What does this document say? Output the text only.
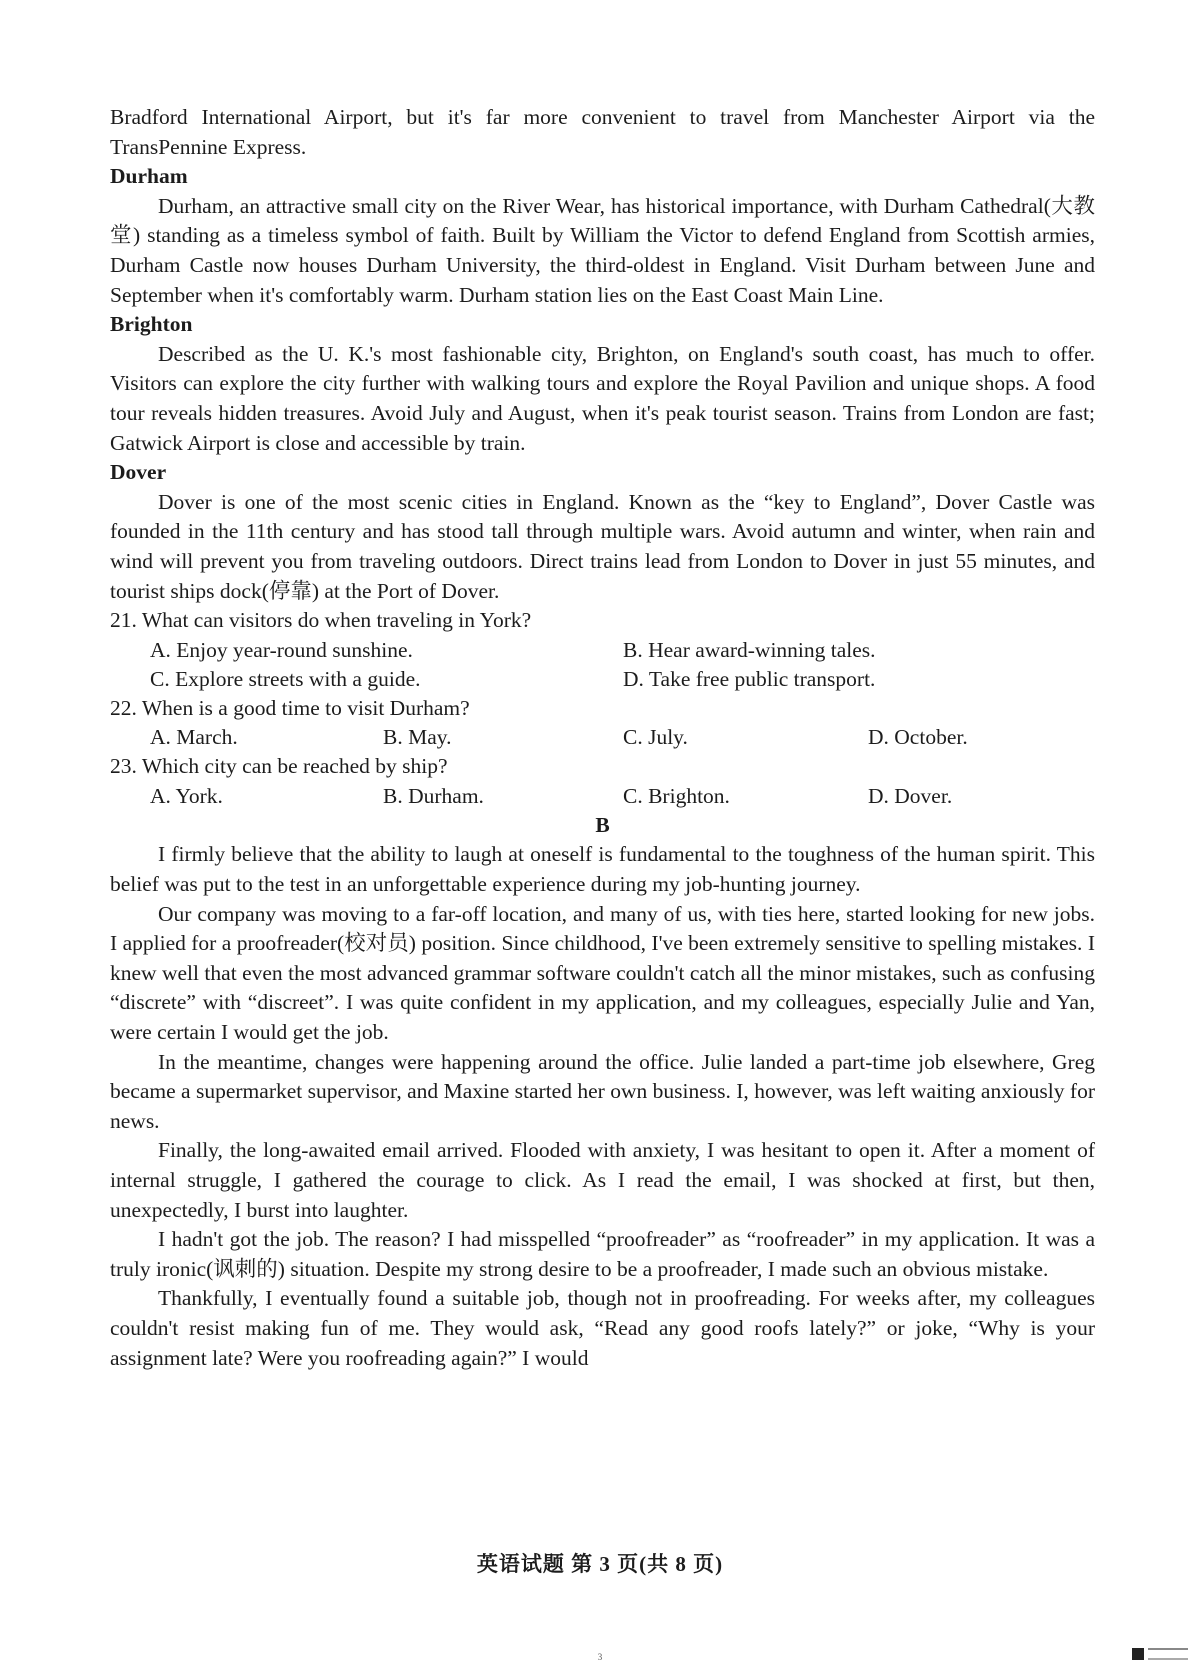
Bradford International Airport, but it's far more convenient to travel from Manchester Airport via the TransPennine Express.
Durham
Durham, an attractive small city on the River Wear, has historical importance, with Durham Cathedral(大教堂) standing as a timeless symbol of faith. Built by William the Victor to defend England from Scottish armies, Durham Castle now houses Durham University, the third-oldest in England. Visit Durham between June and September when it's comfortably warm. Durham station lies on the East Coast Main Line.
Brighton
Described as the U. K.'s most fashionable city, Brighton, on England's south coast, has much to offer. Visitors can explore the city further with walking tours and explore the Royal Pavilion and unique shops. A food tour reveals hidden treasures. Avoid July and August, when it's peak tourist season. Trains from London are fast; Gatwick Airport is close and accessible by train.
Dover
Dover is one of the most scenic cities in England. Known as the “key to England”, Dover Castle was founded in the 11th century and has stood tall through multiple wars. Avoid autumn and winter, when rain and wind will prevent you from traveling outdoors. Direct trains lead from London to Dover in just 55 minutes, and tourist ships dock(停靠) at the Port of Dover.
21. What can visitors do when traveling in York?
A. Enjoy year-round sunshine.	B. Hear award-winning tales.
C. Explore streets with a guide.	D. Take free public transport.
22. When is a good time to visit Durham?
A. March.	B. May.	C. July.	D. October.
23. Which city can be reached by ship?
A. York.	B. Durham.	C. Brighton.	D. Dover.
B
I firmly believe that the ability to laugh at oneself is fundamental to the toughness of the human spirit. This belief was put to the test in an unforgettable experience during my job-hunting journey.
Our company was moving to a far-off location, and many of us, with ties here, started looking for new jobs. I applied for a proofreader(校对员) position. Since childhood, I've been extremely sensitive to spelling mistakes. I knew well that even the most advanced grammar software couldn't catch all the minor mistakes, such as confusing “discrete” with “discreet”. I was quite confident in my application, and my colleagues, especially Julie and Yan, were certain I would get the job.
In the meantime, changes were happening around the office. Julie landed a part-time job elsewhere, Greg became a supermarket supervisor, and Maxine started her own business. I, however, was left waiting anxiously for news.
Finally, the long-awaited email arrived. Flooded with anxiety, I was hesitant to open it. After a moment of internal struggle, I gathered the courage to click. As I read the email, I was shocked at first, but then, unexpectedly, I burst into laughter.
I hadn't got the job. The reason? I had misspelled “proofreader” as “roofreader” in my application. It was a truly ironic(讽刺的) situation. Despite my strong desire to be a proofreader, I made such an obvious mistake.
Thankfully, I eventually found a suitable job, though not in proofreading. For weeks after, my colleagues couldn't resist making fun of me. They would ask, “Read any good roofs lately?” or joke, “Why is your assignment late? Were you roofreading again?” I would
英语试题 第 3 页(共 8 页)
3
